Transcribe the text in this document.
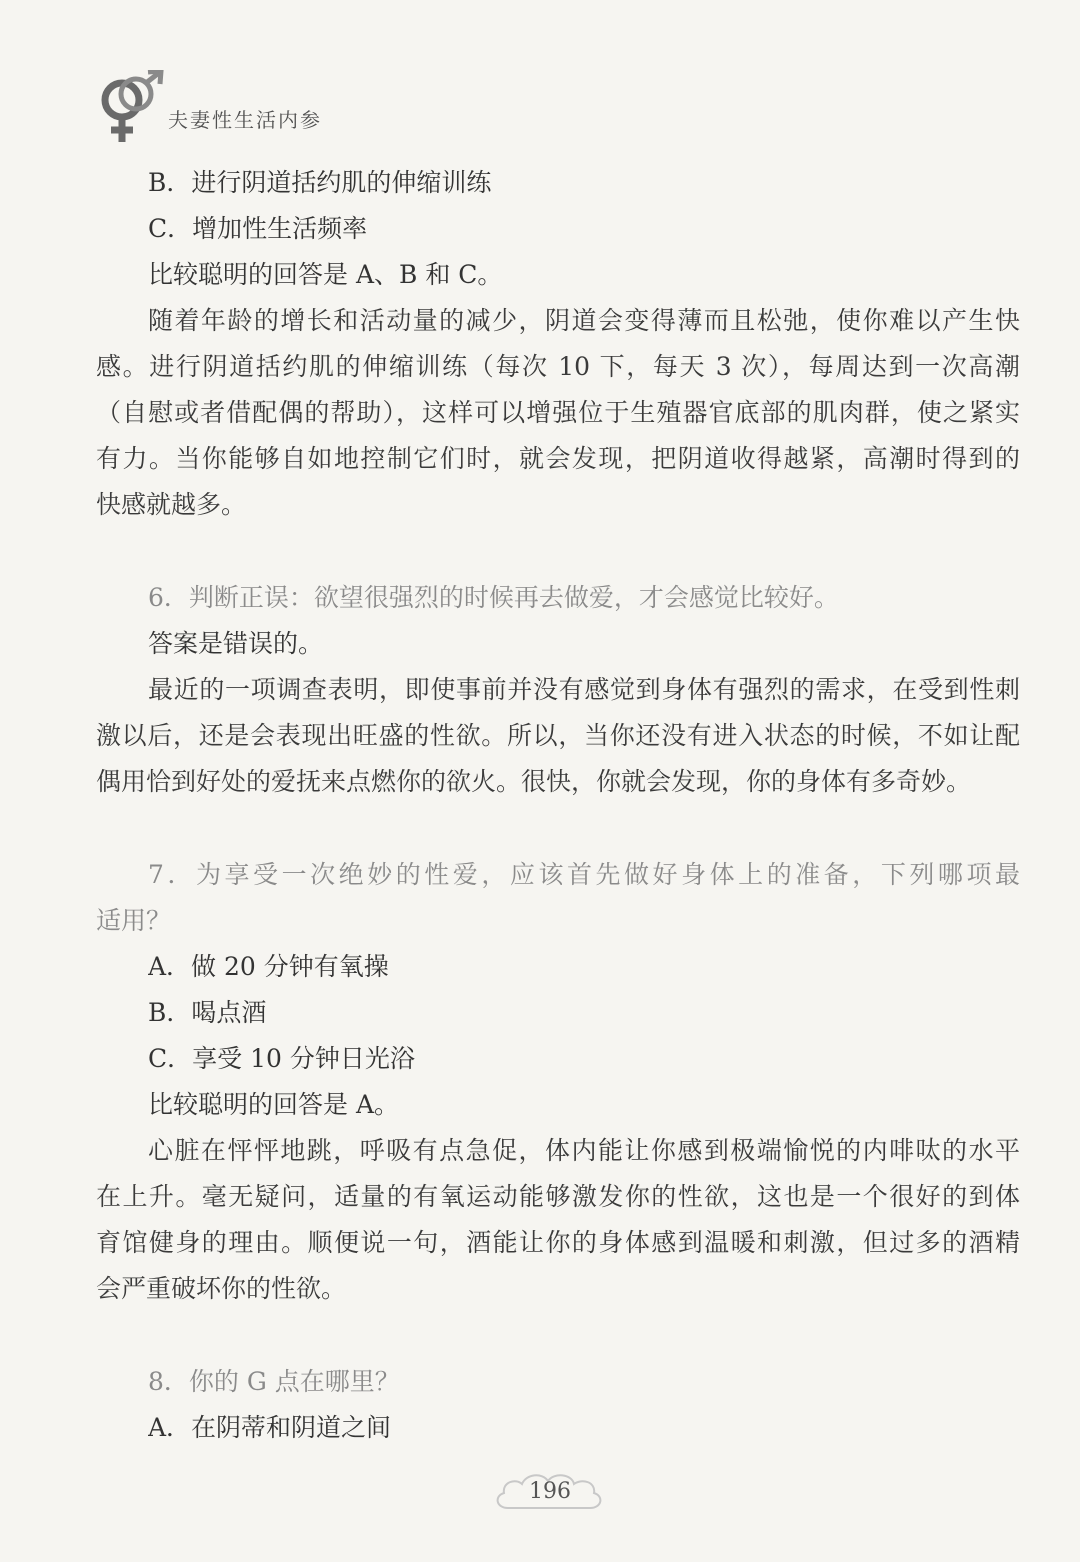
夫妻性生活内参
B．进行阴道括约肌的伸缩训练
C．增加性生活频率
比较聪明的回答是 A、B 和 C。
随着年龄的增长和活动量的减少，阴道会变得薄而且松弛，使你难以产生快
感。进行阴道括约肌的伸缩训练（每次 10 下，每天 3 次），每周达到一次高潮
（自慰或者借配偶的帮助），这样可以增强位于生殖器官底部的肌肉群，使之紧实
有力。当你能够自如地控制它们时，就会发现，把阴道收得越紧，高潮时得到的
快感就越多。
6．判断正误：欲望很强烈的时候再去做爱，才会感觉比较好。
答案是错误的。
最近的一项调查表明，即使事前并没有感觉到身体有强烈的需求，在受到性刺
激以后，还是会表现出旺盛的性欲。所以，当你还没有进入状态的时候，不如让配
偶用恰到好处的爱抚来点燃你的欲火。很快，你就会发现，你的身体有多奇妙。
7．为享受一次绝妙的性爱，应该首先做好身体上的准备，下列哪项最
适用？
A．做 20 分钟有氧操
B．喝点酒
C．享受 10 分钟日光浴
比较聪明的回答是 A。
心脏在怦怦地跳，呼吸有点急促，体内能让你感到极端愉悦的内啡呔的水平
在上升。毫无疑问，适量的有氧运动能够激发你的性欲，这也是一个很好的到体
育馆健身的理由。顺便说一句，酒能让你的身体感到温暖和刺激，但过多的酒精
会严重破坏你的性欲。
8．你的 G 点在哪里？
A．在阴蒂和阴道之间
196
